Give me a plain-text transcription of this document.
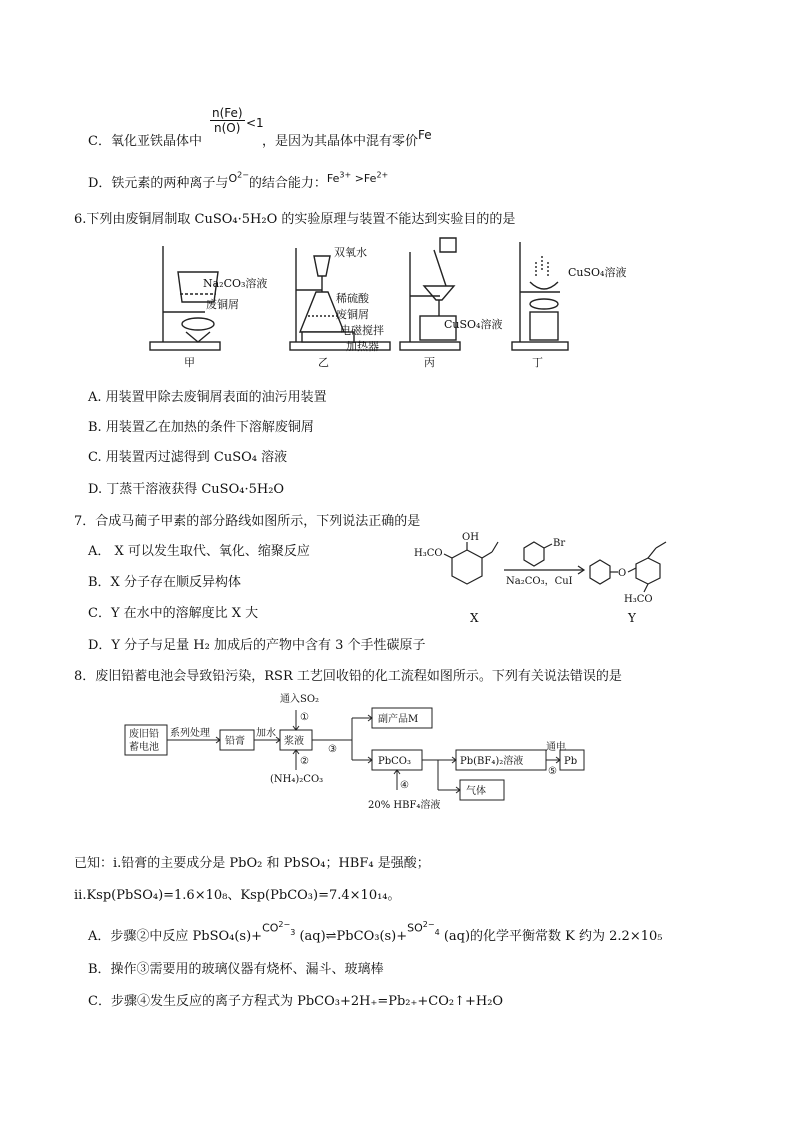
C．氧化亚铁晶体中
$\frac{n(Fe)}{n(O)} <1$
，是因为其晶体中混有零价Fe
D．铁元素的两种离子与$^{O^{2-}}$的结合能力：$^{Fe^{3+} >Fe^{2+}}$
6.下列由废铜屑制取 CuSO₄·5H₂O 的实验原理与装置不能达到实验目的的是
Na₂CO₃溶液
废铜屑
甲
双氧水
稀硫酸
废铜屑
电磁搅拌
加热器
乙
CuSO₄溶液
丙
CuSO₄溶液
丁
A. 用装置甲除去废铜屑表面的油污用装置
B. 用装置乙在加热的条件下溶解废铜屑
C. 用装置丙过滤得到 CuSO₄ 溶液
D. 丁蒸干溶液获得 CuSO₄·5H₂O
7．合成马蔺子甲素的部分路线如图所示，下列说法正确的是
A． X 可以发生取代、氧化、缩聚反应
B．X 分子存在顺反异构体
C．Y 在水中的溶解度比 X 大
D．Y 分子与足量 H₂ 加成后的产物中含有 3 个手性碳原子
H₃CO
OH
Br
Na₂CO₃，CuI
O
H₃CO
X	Y
8．废旧铅蓄电池会导致铅污染，RSR 工艺回收铅的化工流程如图所示。下列有关说法错误的是
废旧铅
蓄电池
系列处理
铅膏
加水
浆液
通入SO₂
①
②
(NH₄)₂CO₃
③
副产品M
PbCO₃
20% HBF₄溶液
④
气体
Pb(BF₄)₂溶液
通电
⑤
Pb
已知：i.铅膏的主要成分是 PbO₂ 和 PbSO₄；HBF₄ 是强酸；
ii.Ksp(PbSO₄)=1.6×10₈、Ksp(PbCO₃)=7.4×10₁₄。
A．步骤②中反应 $PbSO_4(s)+CO^{2-}_3$ $(aq)\rightleftharpoons PbCO_3(s)+SO^{2-}_4$ (aq)的化学平衡常数 K 约为 2.2×10₅
B．操作③需要用的玻璃仪器有烧杯、漏斗、玻璃棒
C．步骤④发生反应的离子方程式为 PbCO₃+2H₊=Pb₂₊+CO₂↑+H₂O
